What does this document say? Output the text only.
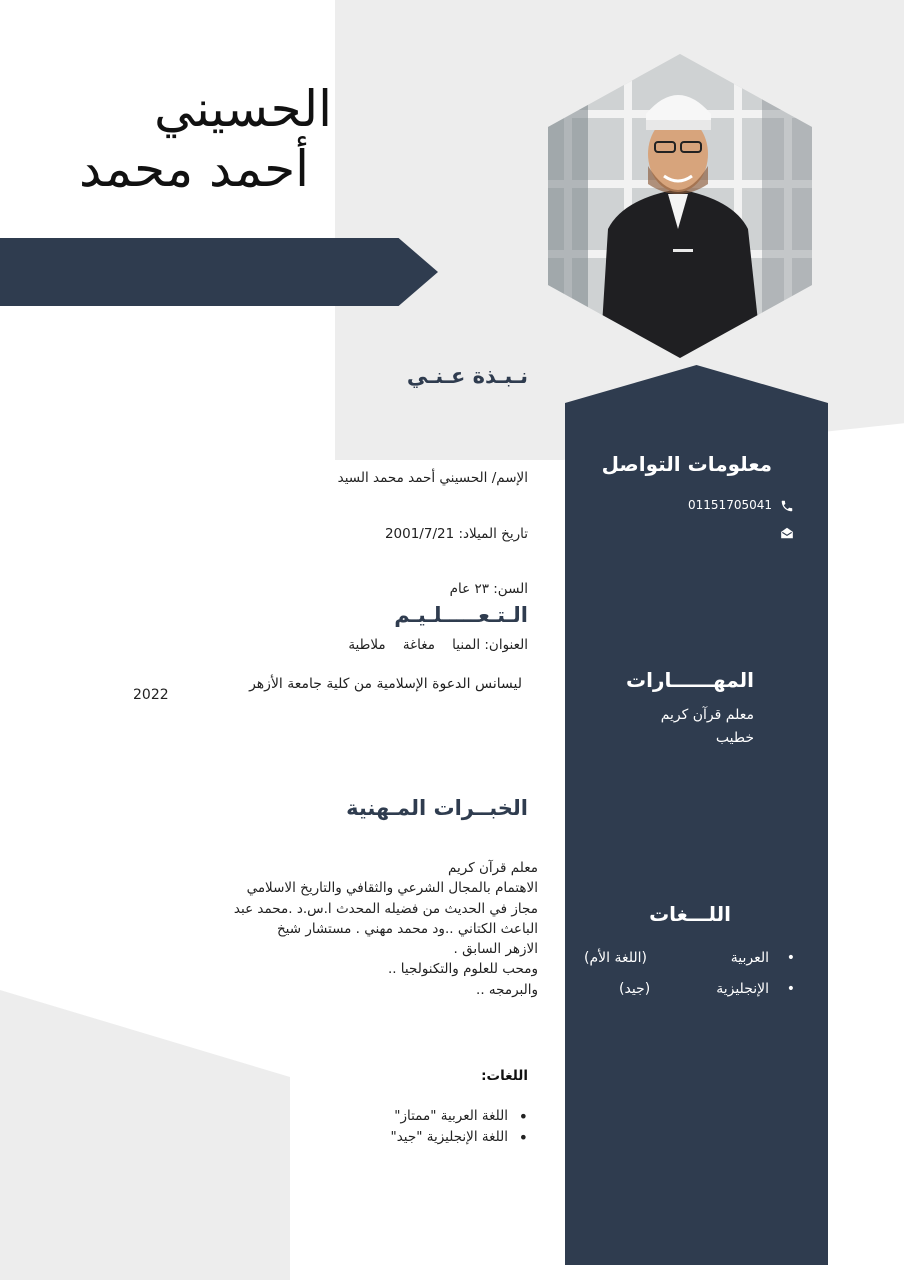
الحسيني
أحمد محمد
معلومات التواصل
01151705041
المهــــــارات
معلم قرآن كريم
خطيب
اللـــغات
•
العربية
(اللغة الأم)
•
الإنجليزية
(جيد)
نـبـذة عـنـي

الإسم/ الحسيني أحمد محمد السيد

تاريخ الميلاد: 2001/7/21

السن: ٢٣ عام

العنوان: المنيا    مغاغة    ملاطية

الـتـعـــــلـيـم
ليسانس الدعوة الإسلامية من كلية جامعة الأزهر
2022
الخبــرات المـهنية
معلم قرآن كريم
الاهتمام بالمجال الشرعي والثقافي والتاريخ الاسلامي
مجاز في الحديث من فضيله المحدث ا.س.د .محمد عبد
الباعث الكتاني ..ود محمد مهني . مستشار شيخ
الازهر السابق .
ومحب للعلوم والتكنولجيا ..
والبرمجه ..
اللغات:
• اللغة العربية "ممتاز"
• اللغة الإنجليزية "جيد"
